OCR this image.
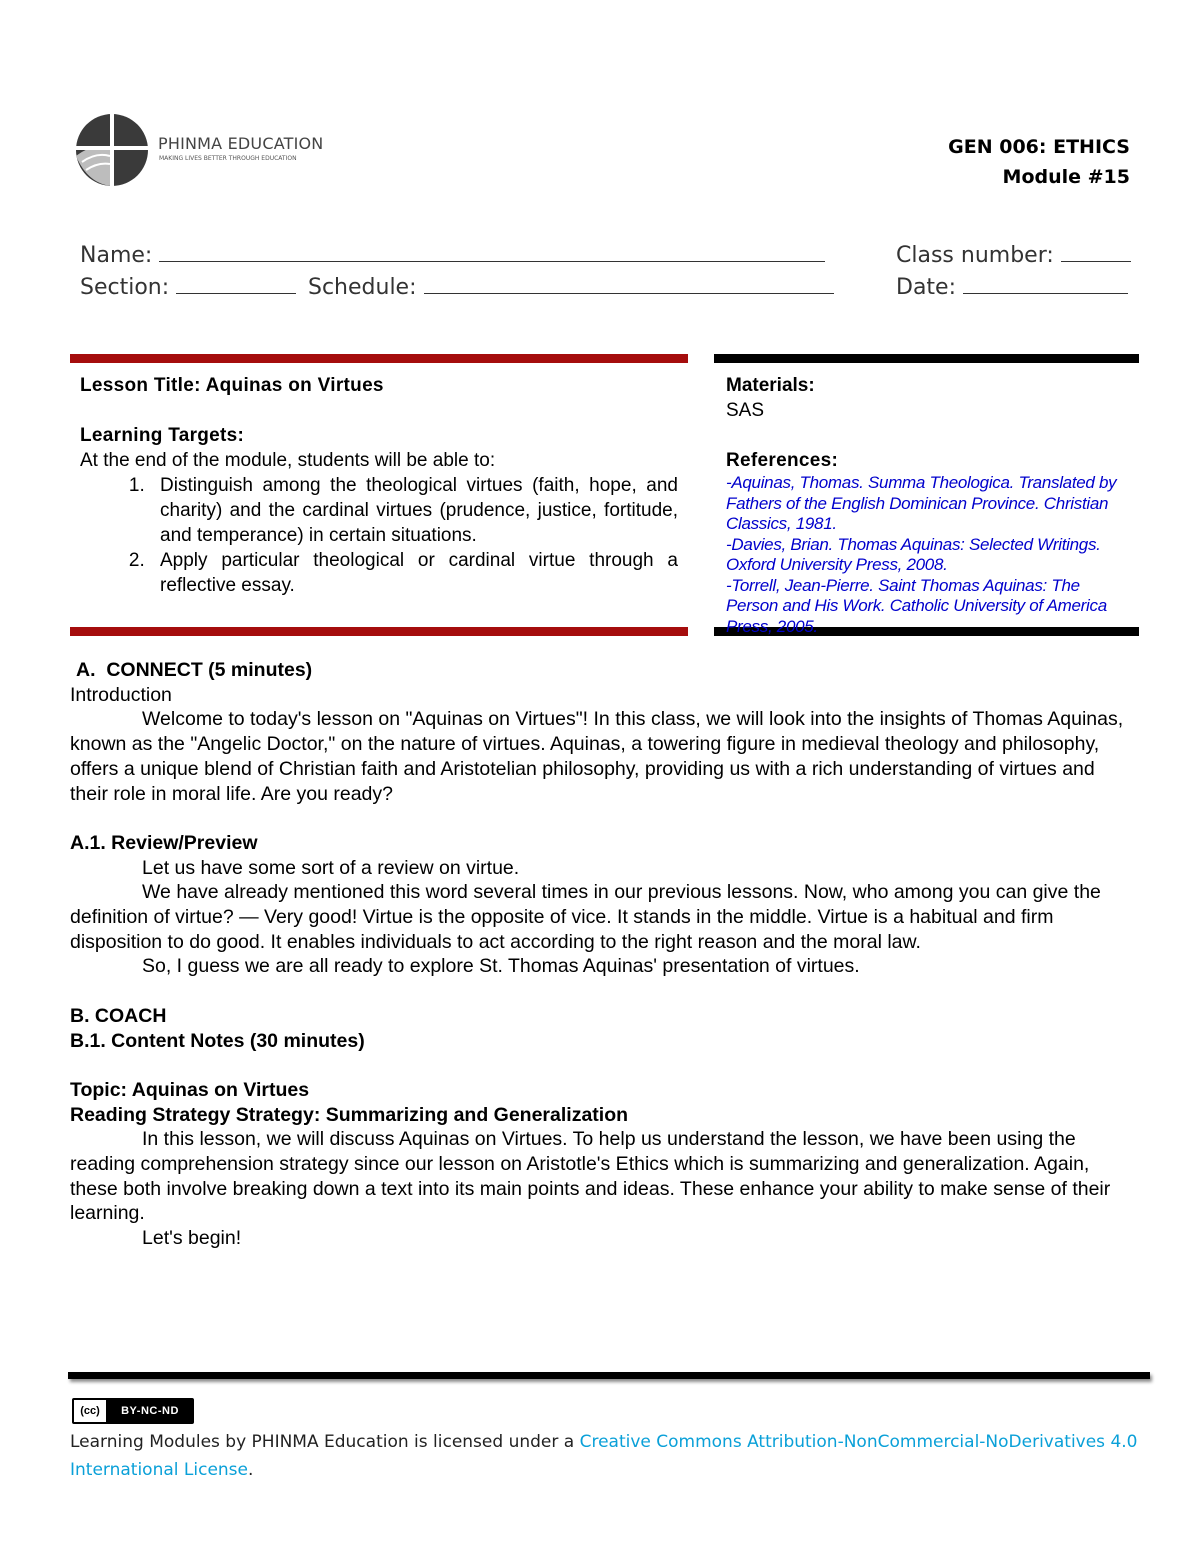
PHINMA EDUCATION
MAKING LIVES BETTER THROUGH EDUCATION
GEN 006: ETHICS
Module #15
Name:	Class number:
Section:	Schedule:	Date:
Lesson Title: Aquinas on Virtues
Learning Targets:
At the end of the module, students will be able to:
1. Distinguish among the theological virtues (faith, hope, and charity) and the cardinal virtues (prudence, justice, fortitude, and temperance) in certain situations.
2. Apply particular theological or cardinal virtue through a reflective essay.
Materials:
SAS
References:
-Aquinas, Thomas. Summa Theologica. Translated by Fathers of the English Dominican Province. Christian Classics, 1981.
-Davies, Brian. Thomas Aquinas: Selected Writings. Oxford University Press, 2008.
-Torrell, Jean-Pierre. Saint Thomas Aquinas: The Person and His Work. Catholic University of America Press, 2005.

A.  CONNECT (5 minutes)

Introduction

Welcome to today's lesson on "Aquinas on Virtues"! In this class, we will look into the insights of Thomas Aquinas, known as the "Angelic Doctor," on the nature of virtues. Aquinas, a towering figure in medieval theology and philosophy, offers a unique blend of Christian faith and Aristotelian philosophy, providing us with a rich understanding of virtues and their role in moral life. Are you ready?

A.1. Review/Preview

Let us have some sort of a review on virtue.

We have already mentioned this word several times in our previous lessons. Now, who among you can give the definition of virtue? — Very good! Virtue is the opposite of vice. It stands in the middle. Virtue is a habitual and firm disposition to do good. It enables individuals to act according to the right reason and the moral law.

So, I guess we are all ready to explore St. Thomas Aquinas' presentation of virtues.

B. COACH

B.1. Content Notes (30 minutes)

Topic: Aquinas on Virtues

Reading Strategy Strategy: Summarizing and Generalization

In this lesson, we will discuss Aquinas on Virtues. To help us understand the lesson, we have been using the reading comprehension strategy since our lesson on Aristotle's Ethics which is summarizing and generalization. Again, these both involve breaking down a text into its main points and ideas. These enhance your ability to make sense of their learning.

Let's begin!

(cc)	BY-NC-ND
Learning Modules by PHINMA Education is licensed under a Creative Commons Attribution-NonCommercial-NoDerivatives 4.0 International License.
